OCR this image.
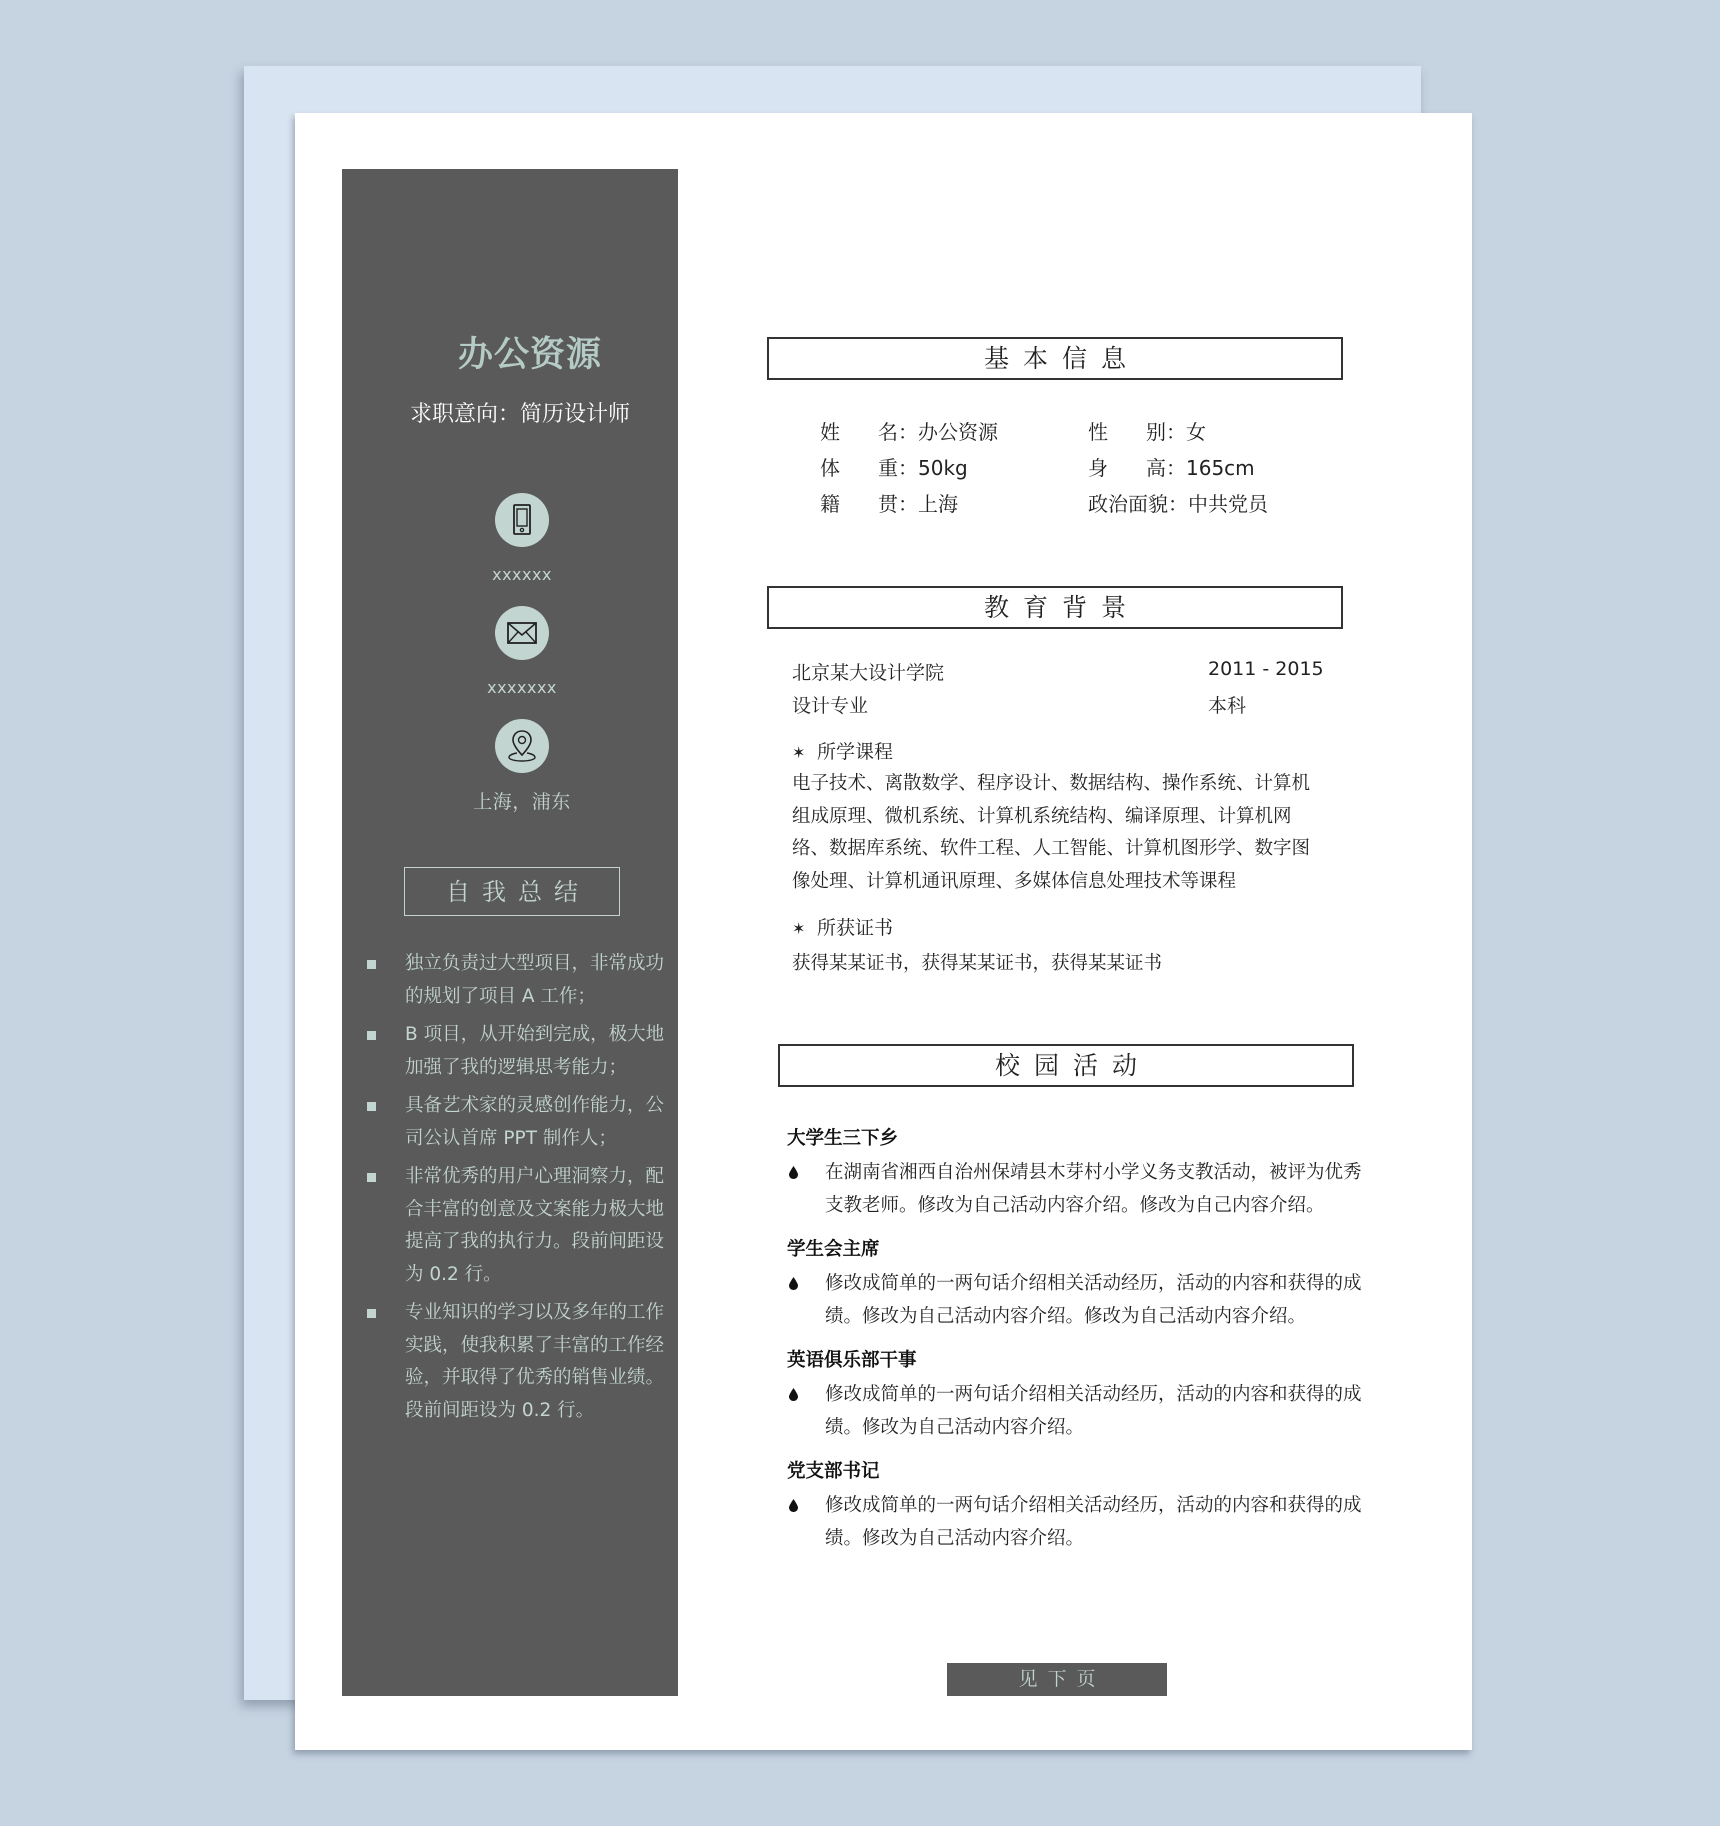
办公资源
求职意向：简历设计师
xxxxxx
xxxxxxx
上海，浦东
自我总结
独立负责过大型项目，非常成功的规划了项目 A 工作；
B 项目，从开始到完成，极大地加强了我的逻辑思考能力；
具备艺术家的灵感创作能力，公司公认首席 PPT 制作人；
非常优秀的用户心理洞察力，配合丰富的创意及文案能力极大地提高了我的执行力。段前间距设为 0.2 行。
专业知识的学习以及多年的工作实践，使我积累了丰富的工作经验，并取得了优秀的销售业绩。段前间距设为 0.2 行。
基本信息
姓名：办公资源	性别：女
体重：50kg	身高：165cm
籍贯：上海	政治面貌：中共党员
教育背景
北京某大设计学院	2011 - 2015
设计专业	本科
✶ 所学课程
电子技术、离散数学、程序设计、数据结构、操作系统、计算机组成原理、微机系统、计算机系统结构、编译原理、计算机网络、数据库系统、软件工程、人工智能、计算机图形学、数字图像处理、计算机通讯原理、多媒体信息处理技术等课程
✶ 所获证书
获得某某证书，获得某某证书，获得某某证书
校园活动
大学生三下乡
在湖南省湘西自治州保靖县木芽村小学义务支教活动，被评为优秀支教老师。修改为自己活动内容介绍。修改为自己内容介绍。
学生会主席
修改成简单的一两句话介绍相关活动经历，活动的内容和获得的成绩。修改为自己活动内容介绍。修改为自己活动内容介绍。
英语俱乐部干事
修改成简单的一两句话介绍相关活动经历，活动的内容和获得的成绩。修改为自己活动内容介绍。
党支部书记
修改成简单的一两句话介绍相关活动经历，活动的内容和获得的成绩。修改为自己活动内容介绍。
见下页
